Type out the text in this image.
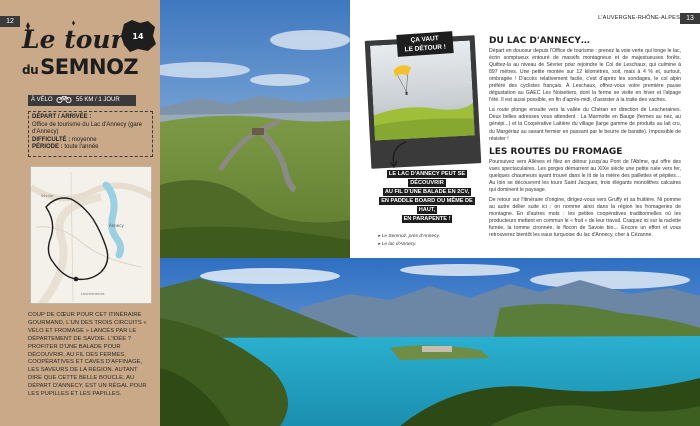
12
14
Le tour
duSEMNOZ
À VÉLO	55 KM / 1 JOUR
DÉPART / ARRIVÉE :
Office de tourisme du Lac d'Annecy (gare d'Annecy)
DIFFICULTÉ : moyenne
PÉRIODE : toute l'année
Annecy
Sévrier
Lescheraines
COUP DE CŒUR POUR CET ITINÉRAIRE GOURMAND, L'UN DES TROIS CIRCUITS « VÉLO ET FROMAGE » LANCÉS PAR LE DÉPARTEMENT DE SAVOIE. L'IDÉE ? PROFITER D'UNE BALADE POUR DÉCOUVRIR, AU FIL DES FERMES, COOPÉRATIVES ET CAVES D'AFFINAGE, LES SAVEURS DE LA RÉGION. AUTANT DIRE QUE CETTE BELLE BOUCLE, AU DÉPART D'ANNECY, EST UN RÉGAL POUR LES PUPILLES ET LES PAPILLES.
L'AUVERGNE-RHÔNE-ALPES 13
ÇA VAUT
LE DÉTOUR !
LE LAC D'ANNECY PEUT SE DÉCOUVRIR
AU FIL D'UNE BALADE EN 2CV,
EN PADDLE BOARD OU MÊME DE HAUT,
EN PARAPENTE !
▸ Le Semnoz, près d'Annecy.
▸ Le lac d'Annecy.
DU LAC D'ANNECY…
Départ en douceur depuis l'Office de tourisme : prenez la voie verte qui longe le lac, écrin somptueux entouré de massifs montagneux et de majestueuses forêts. Quittez-la au niveau de Sévrier pour rejoindre le Col de Leschaux, qui culmine à 897 mètres. Une petite montée sur 12 kilomètres, soit, mais à 4 % et, surtout, ombragée ! D'accès relativement facile, c'est d'après les sondages, le col alpin préféré des cyclistes français. À Leschaux, offrez-vous votre première pause dégustation au GAEC Les Noisetiers, dont la ferme se visite en hiver et l'alpage l'été. Il est aussi possible, en fin d'après-midi, d'assister à la traite des vaches.
La route plonge ensuite vers la vallée du Chéran en direction de Lescheraines. Deux belles adresses vous attendent : La Marmotte en Bauge (fermes au nez, au génépi...) et la Coopérative Laitière du village (large gamme de produits au lait cru, du Margériaz au savant fermier en passant par le beurre de baratte). Impossible de résister !
LES ROUTES DU FROMAGE
Poursuivez vers Allèves et filez en détour jusqu'au Pont de l'Abîme, qui offre des vues spectaculaires. Les gorges démarrent au XIXe siècle une petite ruée vers fer, quelques chaumeurs ayant trouvé dans le lit de la rivière des paillettes et pépites… Au loin se découvrent les tours Saint Jacques, trois élégants monolithes calcaires qui dominent le paysage.
De retour sur l'itinéraire d'origine, dirigez-vous vers Gruffy et sa fruitière. Ni pomme au autre délier suite ici : on nomme ainsi dans la région les fromageries de montagne. En d'autres mots : les petites coopératives traditionnelles où les producteurs mettent en commun le « fruit » de leur travail. Craquez ici sur la raclette fumée, la tomme cironnée, le flocon de Savoie bio… Encore un effort et vous retrouverez bientôt les eaux turquoise du lac d'Annecy, cher à Cézanne.
